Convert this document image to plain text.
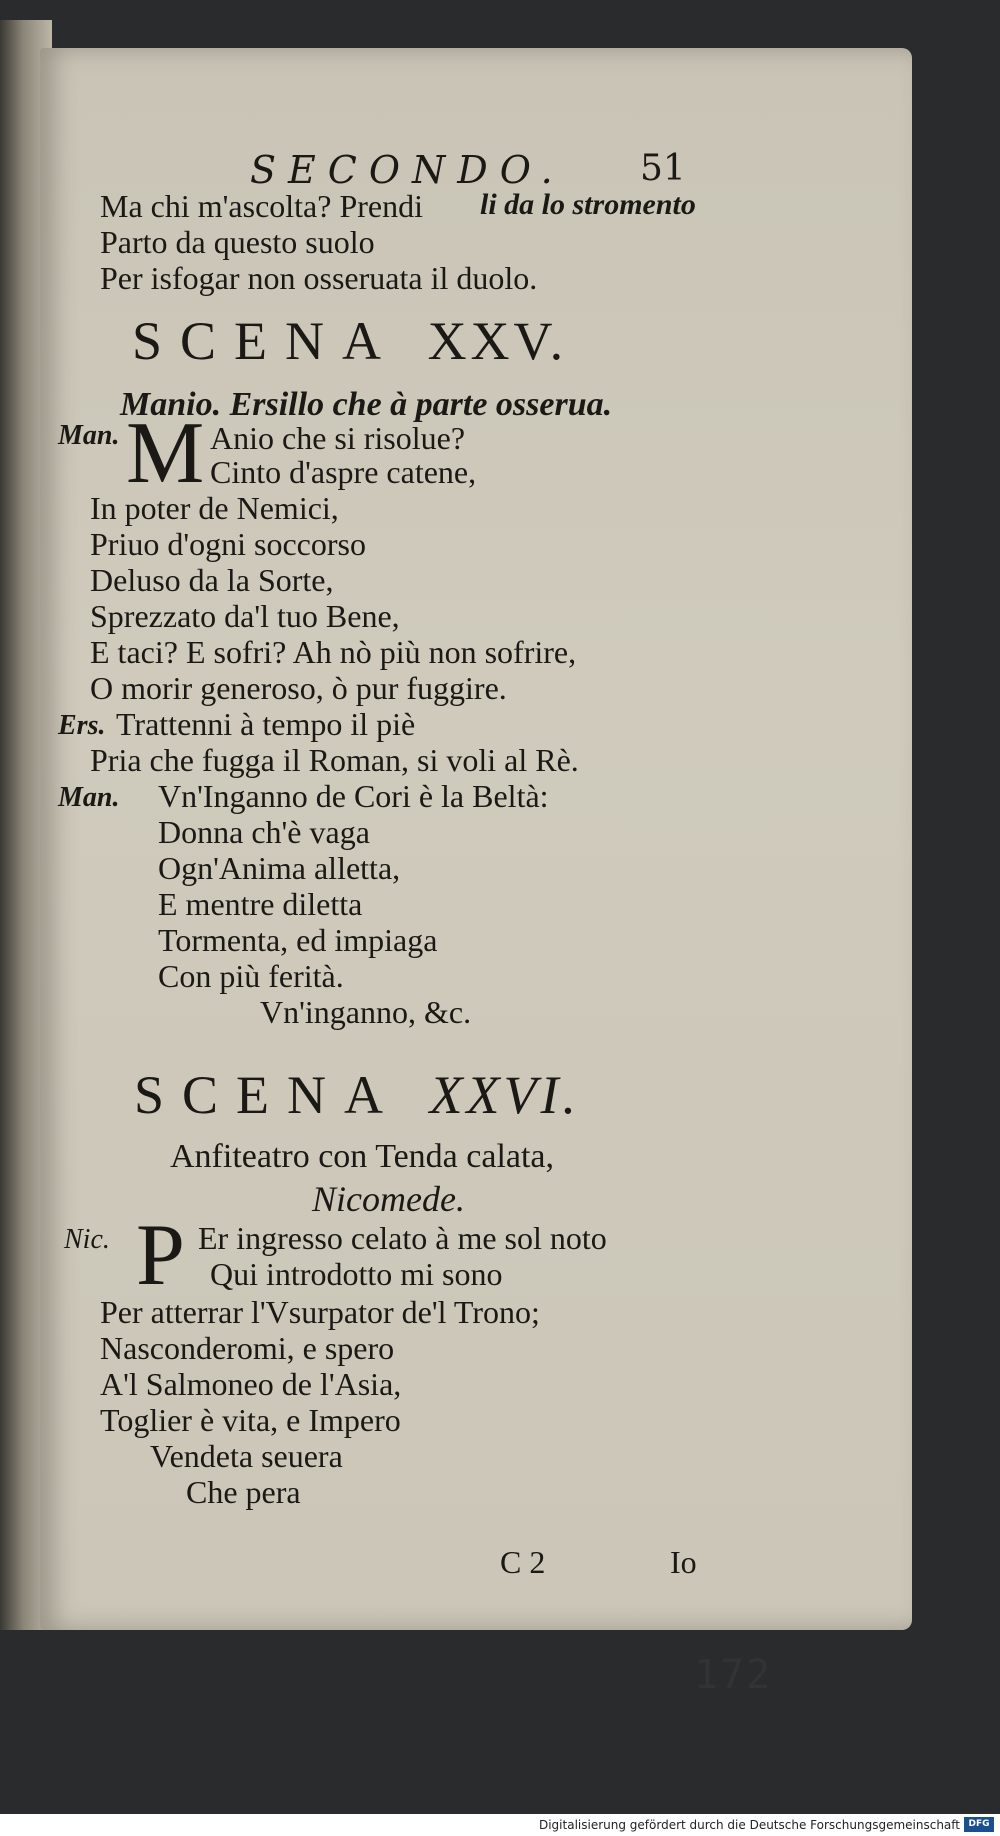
SECONDO. 51
Ma chi m'ascolta? Prendi li da lo stromento
Parto da questo suolo
Per isfogar non osseruata il duolo.
SCENA XXV.
Manio. Ersillo che à parte osserua.
Man. M Anio che si risolue?
Cinto d'aspre catene,
In poter de Nemici,
Priuo d'ogni soccorso
Deluso da la Sorte,
Sprezzato da'l tuo Bene,
E taci? E sofri? Ah nò più non sofrire,
O morir generoso, ò pur fuggire.
Ers. Trattenni à tempo il piè
Pria che fugga il Roman, si voli al Rè.
Man. Vn'Inganno de Cori è la Beltà:
Donna ch'è vaga
Ogn'Anima alletta,
E mentre diletta
Tormenta, ed impiaga
Con più ferità.
Vn'inganno, &c.
SCENA XXVI.
Anfiteatro con Tenda calata,
Nicomede.
Nic. P Er ingresso celato à me sol noto
Qui introdotto mi sono
Per atterrar l'Vsurpator de'l Trono;
Nasconderomi, e spero
A'l Salmoneo de l'Asia,
Toglier è vita, e Impero
Vendeta seuera
Che pera
C 2	Io
172
Digitalisierung gefördert durch die Deutsche Forschungsgemeinschaft DFG
